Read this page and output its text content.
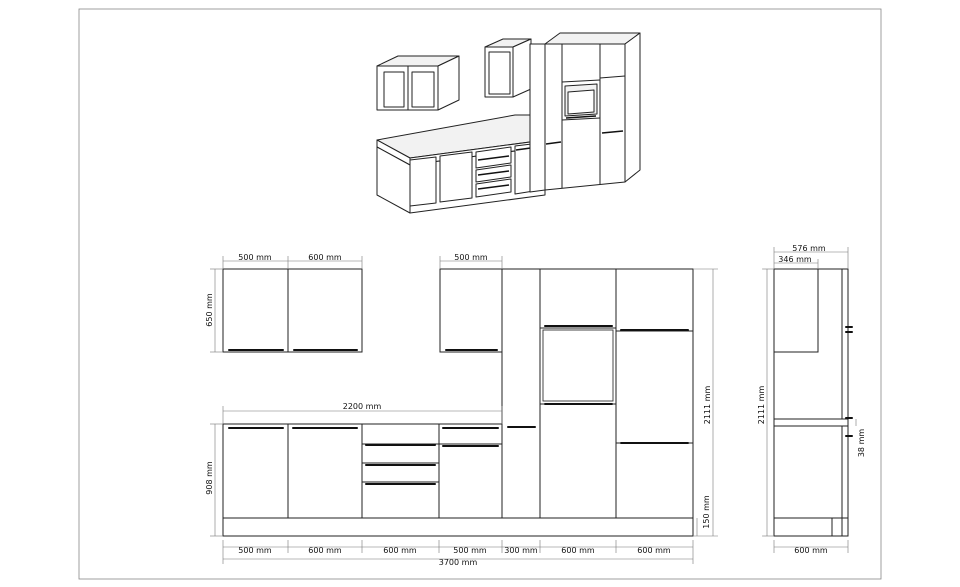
500 mm	600 mm	500 mm
650 mm
2200 mm
908 mm
2111 mm
150 mm
500 mm	600 mm	600 mm	500 mm 300 mm	600 mm	600 mm
3700 mm
576 mm
346 mm
2111 mm
38 mm
600 mm
